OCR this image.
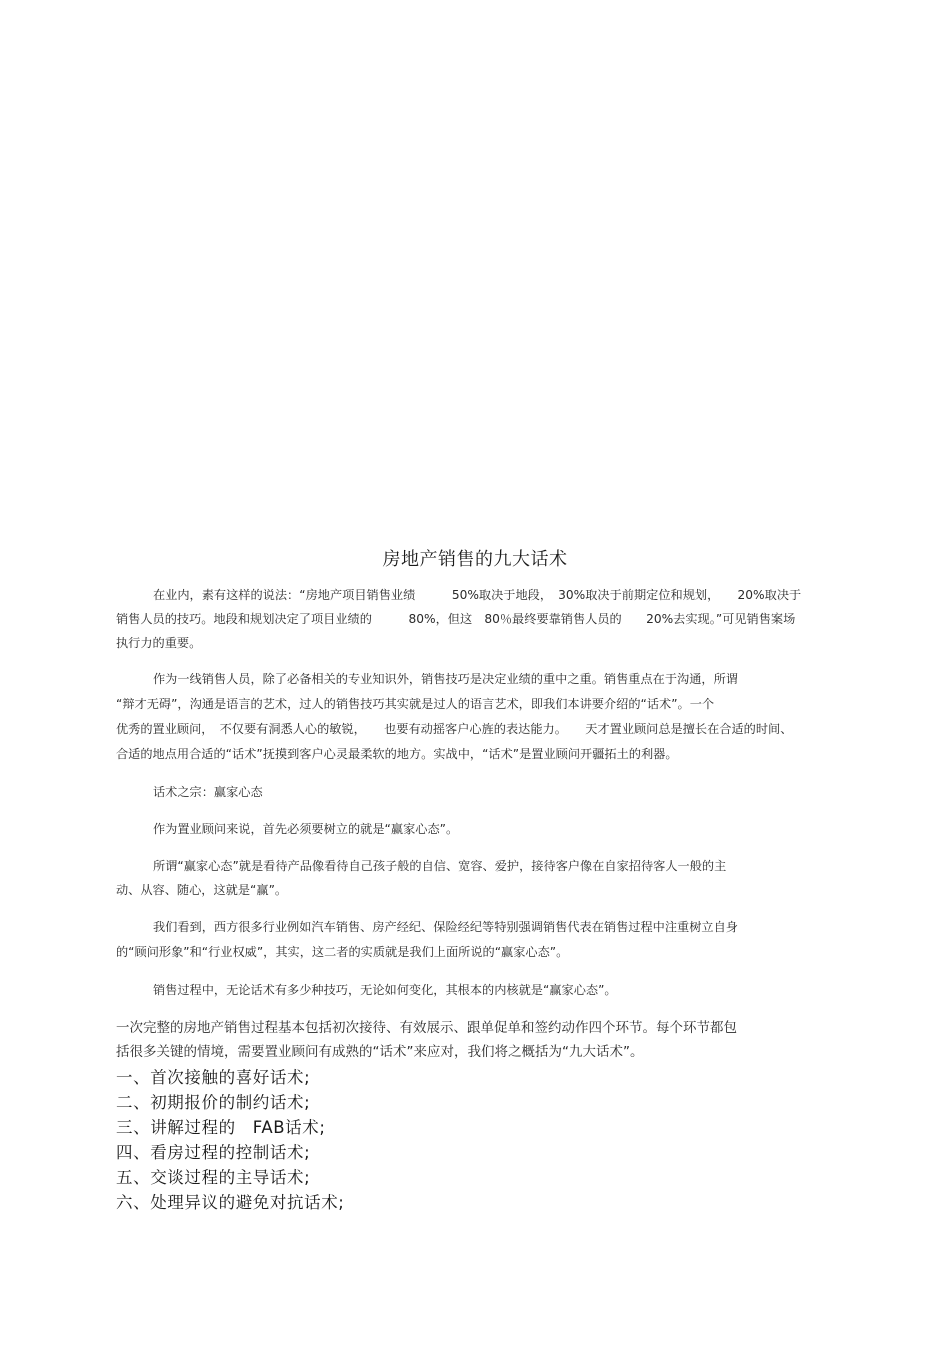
房地产销售的九大话术
在业内，素有这样的说法：“房地产项目销售业绩　　　50%取决于地段，　30%取决于前期定位和规划，　　20%取决于
销售人员的技巧。地段和规划决定了项目业绩的　　　80%，但这　80％最终要靠销售人员的　　20%去实现。”可见销售案场
执行力的重要。
作为一线销售人员，除了必备相关的专业知识外，销售技巧是决定业绩的重中之重。销售重点在于沟通，所谓
“辩才无碍”，沟通是语言的艺术，过人的销售技巧其实就是过人的语言艺术，即我们本讲要介绍的“话术”。一个
优秀的置业顾问，　不仅要有洞悉人心的敏锐，　　也要有动摇客户心旌的表达能力。　　天才置业顾问总是擅长在合适的时间、
合适的地点用合适的“话术”抚摸到客户心灵最柔软的地方。实战中，“话术”是置业顾问开疆拓土的利器。
话术之宗：赢家心态
作为置业顾问来说，首先必须要树立的就是“赢家心态”。
所谓“赢家心态”就是看待产品像看待自己孩子般的自信、宽容、爱护，接待客户像在自家招待客人一般的主
动、从容、随心，这就是“赢”。
我们看到，西方很多行业例如汽车销售、房产经纪、保险经纪等特别强调销售代表在销售过程中注重树立自身
的“顾问形象”和“行业权威”，其实，这二者的实质就是我们上面所说的“赢家心态”。
销售过程中，无论话术有多少种技巧，无论如何变化，其根本的内核就是“赢家心态”。
一次完整的房地产销售过程基本包括初次接待、有效展示、跟单促单和签约动作四个环节。每个环节都包
括很多关键的情境，需要置业顾问有成熟的“话术”来应对，我们将之概括为“九大话术”。
一、首次接触的喜好话术;
二、初期报价的制约话术;
三、讲解过程的　FAB话术;
四、看房过程的控制话术;
五、交谈过程的主导话术;
六、处理异议的避免对抗话术;
